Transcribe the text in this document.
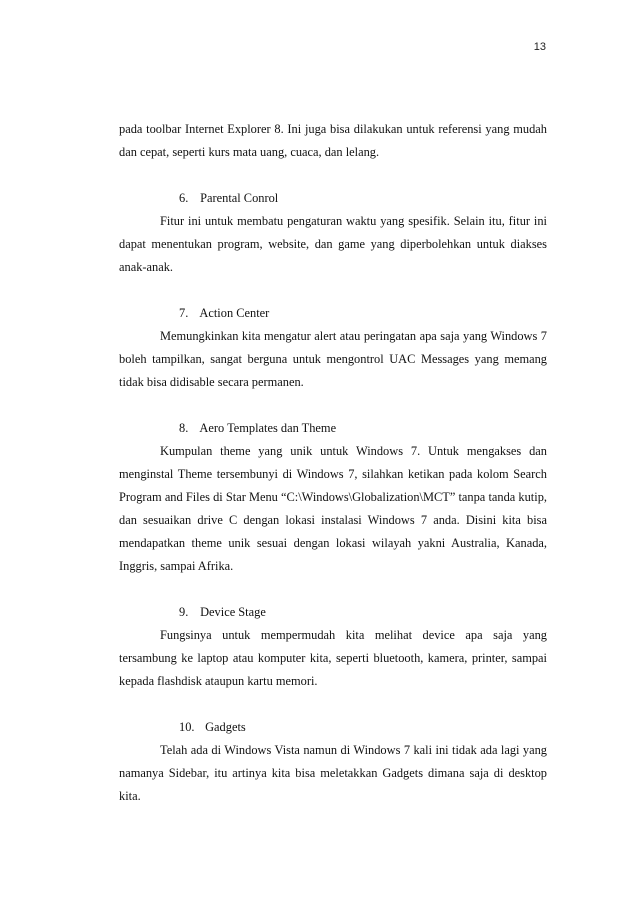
13

pada toolbar Internet Explorer 8. Ini juga bisa dilakukan untuk referensi yang mudah dan cepat, seperti kurs mata uang, cuaca, dan lelang.

6. Parental Conrol

Fitur ini untuk membatu pengaturan waktu yang spesifik. Selain itu, fitur ini dapat menentukan program, website, dan game yang diperbolehkan untuk diakses anak-anak.

7. Action Center

Memungkinkan kita mengatur alert atau peringatan apa saja yang Windows 7 boleh tampilkan, sangat berguna untuk mengontrol UAC Messages yang memang tidak bisa didisable secara permanen.

8. Aero Templates dan Theme

Kumpulan theme yang unik untuk Windows 7. Untuk mengakses dan menginstal Theme tersembunyi di Windows 7, silahkan ketikan pada kolom Search Program and Files di Star Menu “C:\Windows\Globalization\MCT” tanpa tanda kutip, dan sesuaikan drive C dengan lokasi instalasi Windows 7 anda. Disini kita bisa mendapatkan theme unik sesuai dengan lokasi wilayah yakni Australia, Kanada, Inggris, sampai Afrika.

9. Device Stage

Fungsinya untuk mempermudah kita melihat device apa saja yang tersambung ke laptop atau komputer kita, seperti bluetooth, kamera, printer, sampai kepada flashdisk ataupun kartu memori.

10. Gadgets

Telah ada di Windows Vista namun di Windows 7 kali ini tidak ada lagi yang namanya Sidebar, itu artinya kita bisa meletakkan Gadgets dimana saja di desktop kita.
